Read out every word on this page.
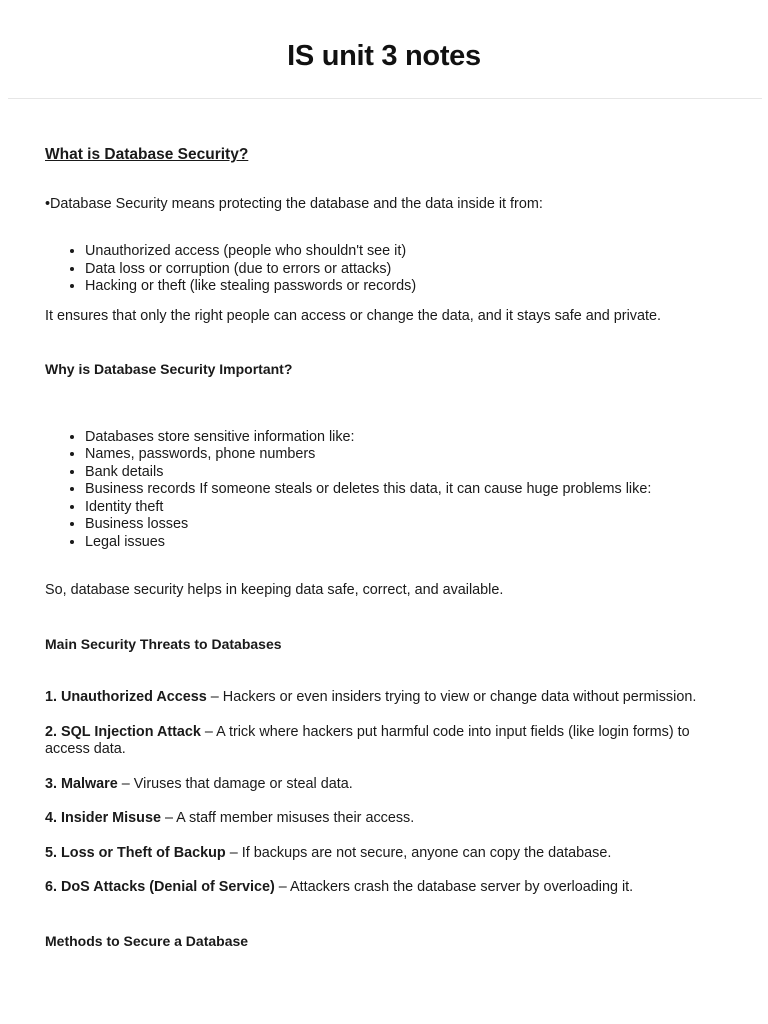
IS unit 3 notes
What is Database Security?

•Database Security means protecting the database and the data inside it from:

• Unauthorized access (people who shouldn't see it)
• Data loss or corruption (due to errors or attacks)
• Hacking or theft (like stealing passwords or records)

It ensures that only the right people can access or change the data, and it stays safe and private.

Why is Database Security Important?
• Databases store sensitive information like:
• Names, passwords, phone numbers
• Bank details
• Business records If someone steals or deletes this data, it can cause huge problems like:
• Identity theft
• Business losses
• Legal issues

So, database security helps in keeping data safe, correct, and available.

Main Security Threats to Databases

1. Unauthorized Access – Hackers or even insiders trying to view or change data without permission.

2. SQL Injection Attack – A trick where hackers put harmful code into input fields (like login forms) to access data.

3. Malware – Viruses that damage or steal data.

4. Insider Misuse – A staff member misuses their access.

5. Loss or Theft of Backup – If backups are not secure, anyone can copy the database.

6. DoS Attacks (Denial of Service) – Attackers crash the database server by overloading it.

Methods to Secure a Database
